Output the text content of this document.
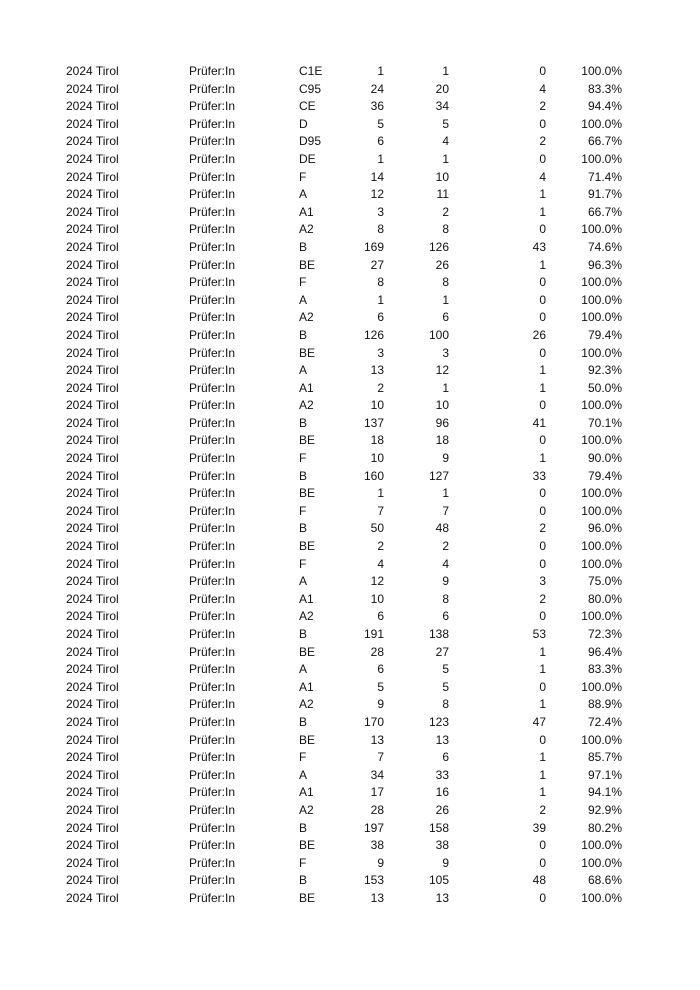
2024 Tirol	Prüfer:In	C1E	1	1	0	100.0%
2024 Tirol	Prüfer:In	C95	24	20	4	83.3%
2024 Tirol	Prüfer:In	CE	36	34	2	94.4%
2024 Tirol	Prüfer:In	D	5	5	0	100.0%
2024 Tirol	Prüfer:In	D95	6	4	2	66.7%
2024 Tirol	Prüfer:In	DE	1	1	0	100.0%
2024 Tirol	Prüfer:In	F	14	10	4	71.4%
2024 Tirol	Prüfer:In	A	12	11	1	91.7%
2024 Tirol	Prüfer:In	A1	3	2	1	66.7%
2024 Tirol	Prüfer:In	A2	8	8	0	100.0%
2024 Tirol	Prüfer:In	B	169	126	43	74.6%
2024 Tirol	Prüfer:In	BE	27	26	1	96.3%
2024 Tirol	Prüfer:In	F	8	8	0	100.0%
2024 Tirol	Prüfer:In	A	1	1	0	100.0%
2024 Tirol	Prüfer:In	A2	6	6	0	100.0%
2024 Tirol	Prüfer:In	B	126	100	26	79.4%
2024 Tirol	Prüfer:In	BE	3	3	0	100.0%
2024 Tirol	Prüfer:In	A	13	12	1	92.3%
2024 Tirol	Prüfer:In	A1	2	1	1	50.0%
2024 Tirol	Prüfer:In	A2	10	10	0	100.0%
2024 Tirol	Prüfer:In	B	137	96	41	70.1%
2024 Tirol	Prüfer:In	BE	18	18	0	100.0%
2024 Tirol	Prüfer:In	F	10	9	1	90.0%
2024 Tirol	Prüfer:In	B	160	127	33	79.4%
2024 Tirol	Prüfer:In	BE	1	1	0	100.0%
2024 Tirol	Prüfer:In	F	7	7	0	100.0%
2024 Tirol	Prüfer:In	B	50	48	2	96.0%
2024 Tirol	Prüfer:In	BE	2	2	0	100.0%
2024 Tirol	Prüfer:In	F	4	4	0	100.0%
2024 Tirol	Prüfer:In	A	12	9	3	75.0%
2024 Tirol	Prüfer:In	A1	10	8	2	80.0%
2024 Tirol	Prüfer:In	A2	6	6	0	100.0%
2024 Tirol	Prüfer:In	B	191	138	53	72.3%
2024 Tirol	Prüfer:In	BE	28	27	1	96.4%
2024 Tirol	Prüfer:In	A	6	5	1	83.3%
2024 Tirol	Prüfer:In	A1	5	5	0	100.0%
2024 Tirol	Prüfer:In	A2	9	8	1	88.9%
2024 Tirol	Prüfer:In	B	170	123	47	72.4%
2024 Tirol	Prüfer:In	BE	13	13	0	100.0%
2024 Tirol	Prüfer:In	F	7	6	1	85.7%
2024 Tirol	Prüfer:In	A	34	33	1	97.1%
2024 Tirol	Prüfer:In	A1	17	16	1	94.1%
2024 Tirol	Prüfer:In	A2	28	26	2	92.9%
2024 Tirol	Prüfer:In	B	197	158	39	80.2%
2024 Tirol	Prüfer:In	BE	38	38	0	100.0%
2024 Tirol	Prüfer:In	F	9	9	0	100.0%
2024 Tirol	Prüfer:In	B	153	105	48	68.6%
2024 Tirol	Prüfer:In	BE	13	13	0	100.0%
